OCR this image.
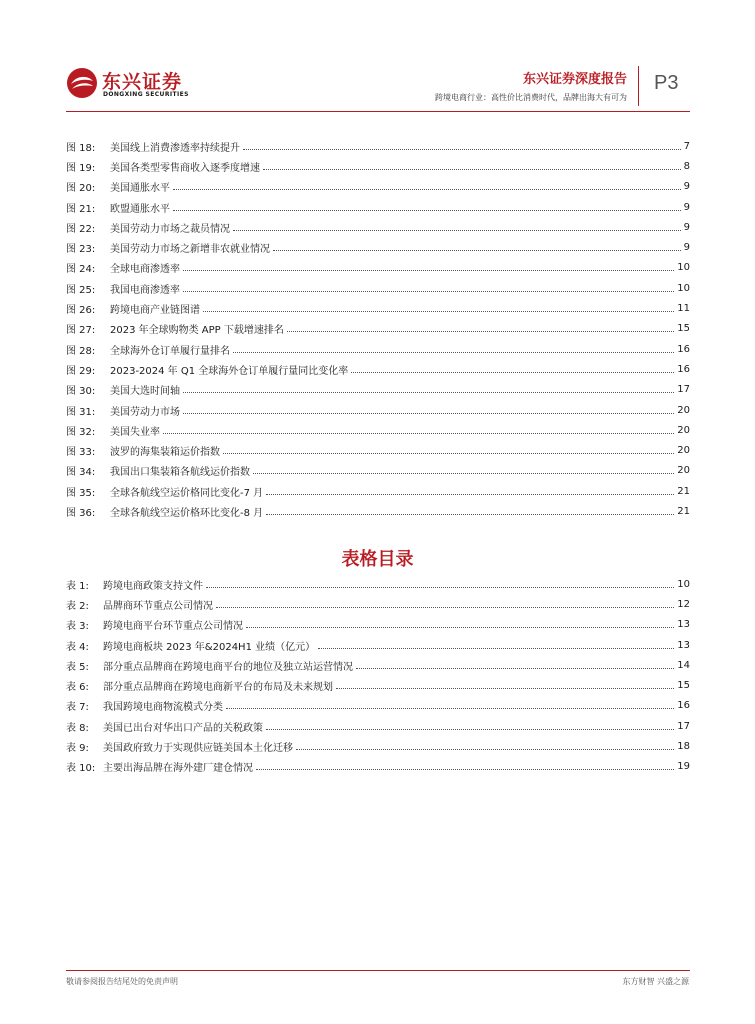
东兴证券
DONGXING SECURITIES
东兴证券深度报告
跨境电商行业：高性价比消费时代，品牌出海大有可为
P3
图 18: 美国线上消费渗透率持续提升	7
图 19: 美国各类型零售商收入逐季度增速	8
图 20: 美国通胀水平	9
图 21: 欧盟通胀水平	9
图 22: 美国劳动力市场之裁员情况	9
图 23: 美国劳动力市场之新增非农就业情况	9
图 24: 全球电商渗透率	10
图 25: 我国电商渗透率	10
图 26: 跨境电商产业链图谱	11
图 27: 2023 年全球购物类 APP 下载增速排名	15
图 28: 全球海外仓订单履行量排名	16
图 29: 2023-2024 年 Q1 全球海外仓订单履行量同比变化率	16
图 30: 美国大选时间轴	17
图 31: 美国劳动力市场	20
图 32: 美国失业率	20
图 33: 波罗的海集装箱运价指数	20
图 34: 我国出口集装箱各航线运价指数	20
图 35: 全球各航线空运价格同比变化-7 月	21
图 36: 全球各航线空运价格环比变化-8 月	21
表格目录
表 1: 跨境电商政策支持文件	10
表 2: 品牌商环节重点公司情况	12
表 3: 跨境电商平台环节重点公司情况	13
表 4: 跨境电商板块 2023 年&2024H1 业绩（亿元）	13
表 5: 部分重点品牌商在跨境电商平台的地位及独立站运营情况	14
表 6: 部分重点品牌商在跨境电商新平台的布局及未来规划	15
表 7: 我国跨境电商物流模式分类	16
表 8: 美国已出台对华出口产品的关税政策	17
表 9: 美国政府致力于实现供应链美国本土化迁移	18
表 10: 主要出海品牌在海外建厂建仓情况	19
敬请参阅报告结尾处的免责声明	东方财智 兴盛之源
